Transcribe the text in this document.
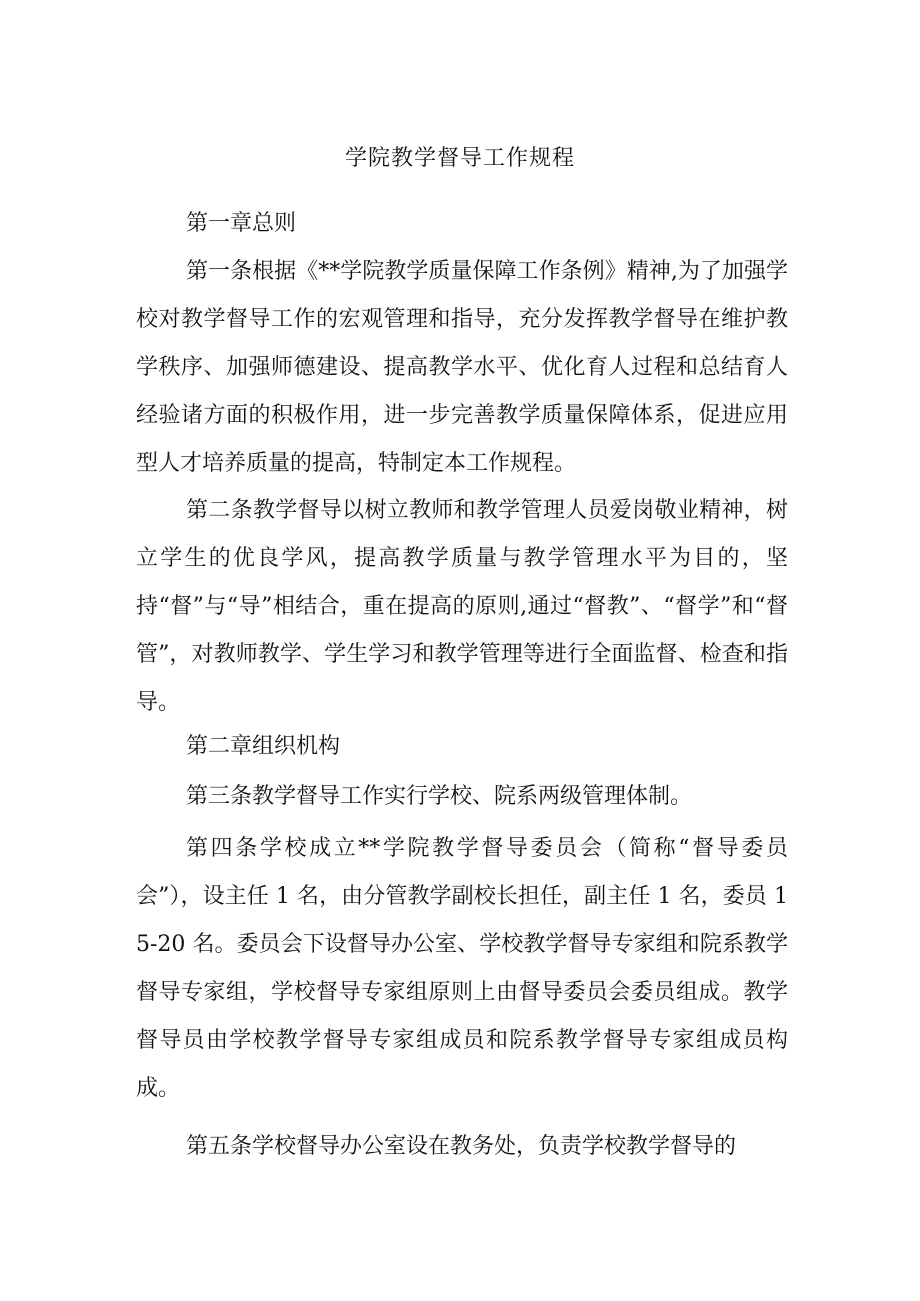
学院教学督导工作规程

第一章总则

第一条根据《**学院教学质量保障工作条例》精神,为了加强学校对教学督导工作的宏观管理和指导，充分发挥教学督导在维护教学秩序、加强师德建设、提高教学水平、优化育人过程和总结育人经验诸方面的积极作用，进一步完善教学质量保障体系，促进应用型人才培养质量的提高，特制定本工作规程。

第二条教学督导以树立教师和教学管理人员爱岗敬业精神，树立学生的优良学风，提高教学质量与教学管理水平为目的，坚持“督”与“导”相结合，重在提高的原则,通过“督教”、“督学”和“督管”，对教师教学、学生学习和教学管理等进行全面监督、检查和指导。

第二章组织机构

第三条教学督导工作实行学校、院系两级管理体制。

第四条学校成立**学院教学督导委员会（简称“督导委员会”），设主任 1 名，由分管教学副校长担任，副主任 1 名，委员 15-20 名。委员会下设督导办公室、学校教学督导专家组和院系教学督导专家组，学校督导专家组原则上由督导委员会委员组成。教学督导员由学校教学督导专家组成员和院系教学督导专家组成员构成。

第五条学校督导办公室设在教务处，负责学校教学督导的
